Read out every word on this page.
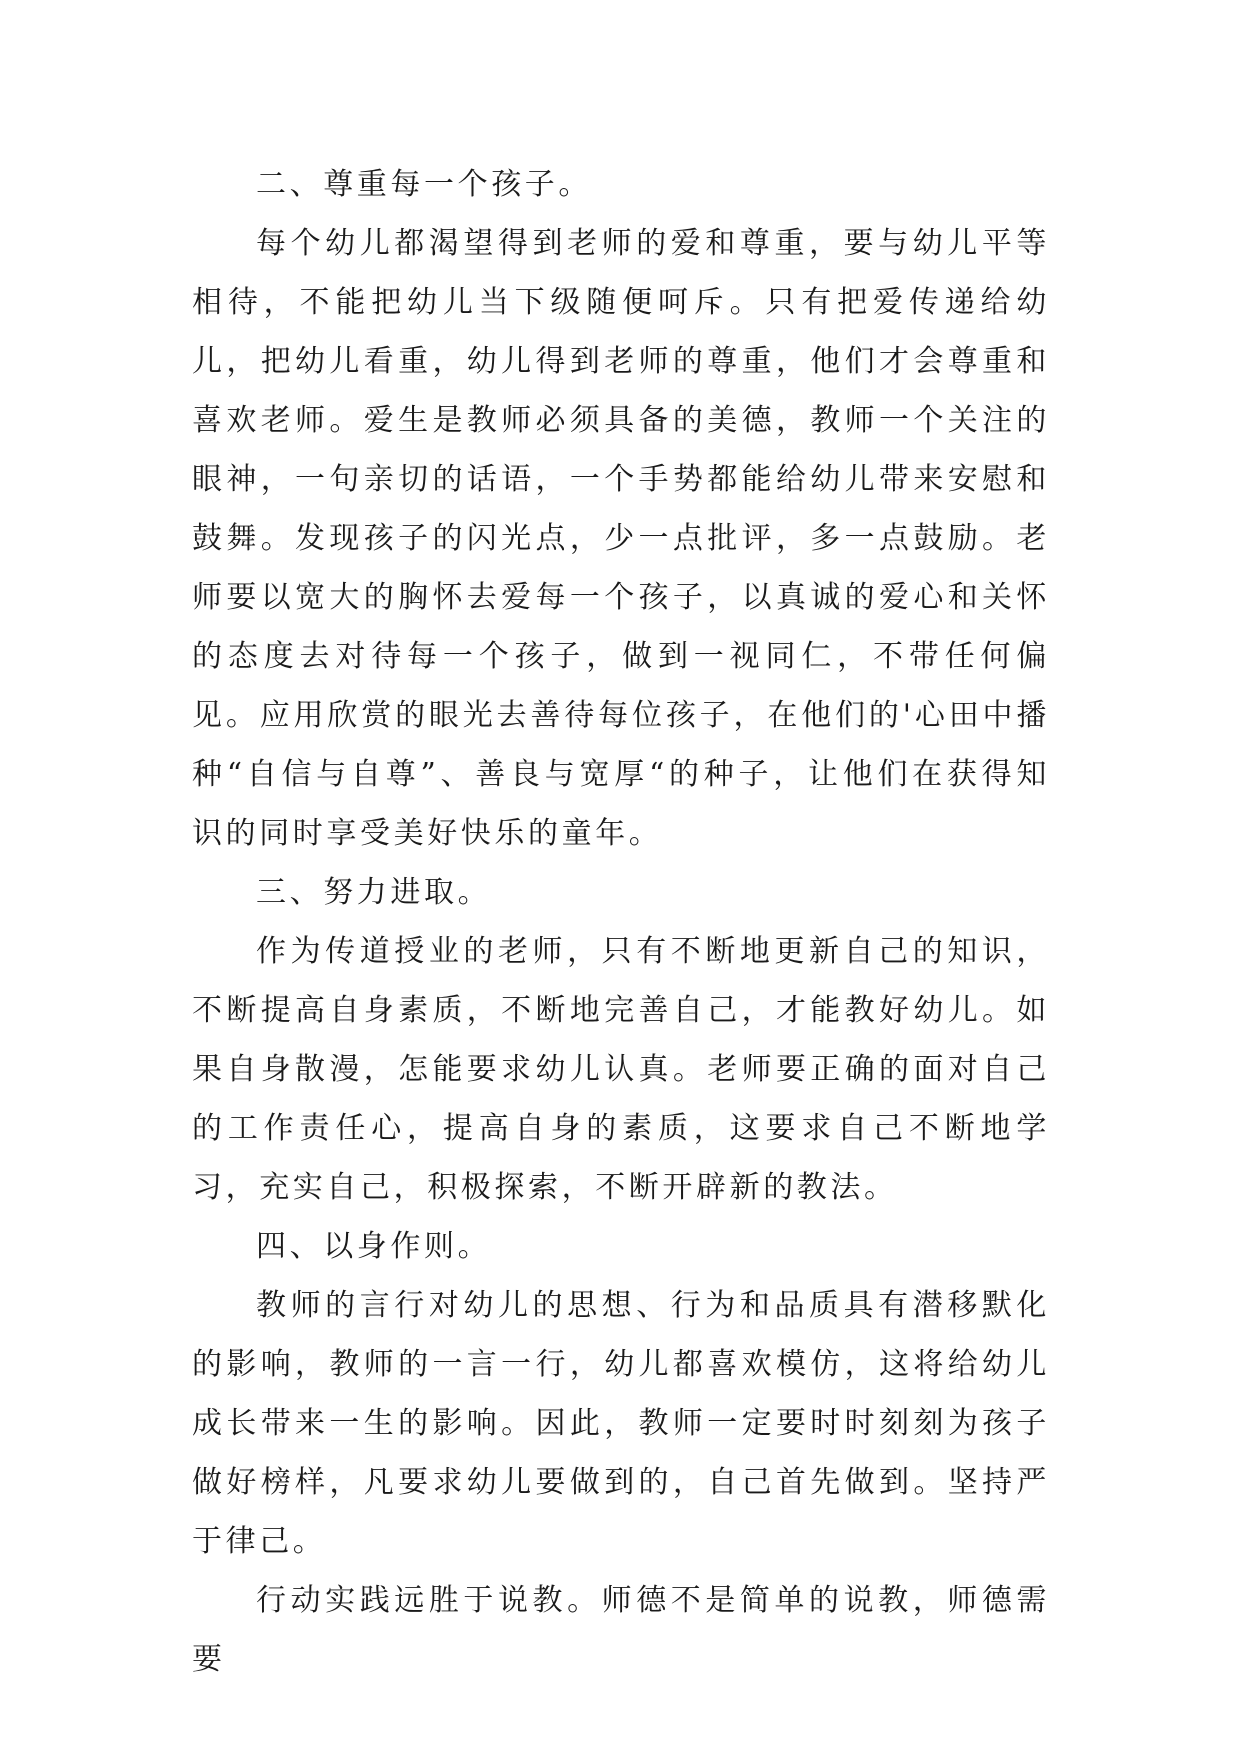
二、尊重每一个孩子。

每个幼儿都渴望得到老师的爱和尊重，要与幼儿平等相待，不能把幼儿当下级随便呵斥。只有把爱传递给幼儿，把幼儿看重，幼儿得到老师的尊重，他们才会尊重和喜欢老师。爱生是教师必须具备的美德，教师一个关注的眼神，一句亲切的话语，一个手势都能给幼儿带来安慰和鼓舞。发现孩子的闪光点，少一点批评，多一点鼓励。老师要以宽大的胸怀去爱每一个孩子，以真诚的爱心和关怀的态度去对待每一个孩子，做到一视同仁，不带任何偏见。应用欣赏的眼光去善待每位孩子，在他们的'心田中播种“自信与自尊”、善良与宽厚“的种子，让他们在获得知识的同时享受美好快乐的童年。

三、努力进取。

作为传道授业的老师，只有不断地更新自己的知识，不断提高自身素质，不断地完善自己，才能教好幼儿。如果自身散漫，怎能要求幼儿认真。老师要正确的面对自己的工作责任心，提高自身的素质，这要求自己不断地学习，充实自己，积极探索，不断开辟新的教法。

四、以身作则。

教师的言行对幼儿的思想、行为和品质具有潜移默化的影响，教师的一言一行，幼儿都喜欢模仿，这将给幼儿成长带来一生的影响。因此，教师一定要时时刻刻为孩子做好榜样，凡要求幼儿要做到的，自己首先做到。坚持严于律己。

行动实践远胜于说教。师德不是简单的说教，师德需要
